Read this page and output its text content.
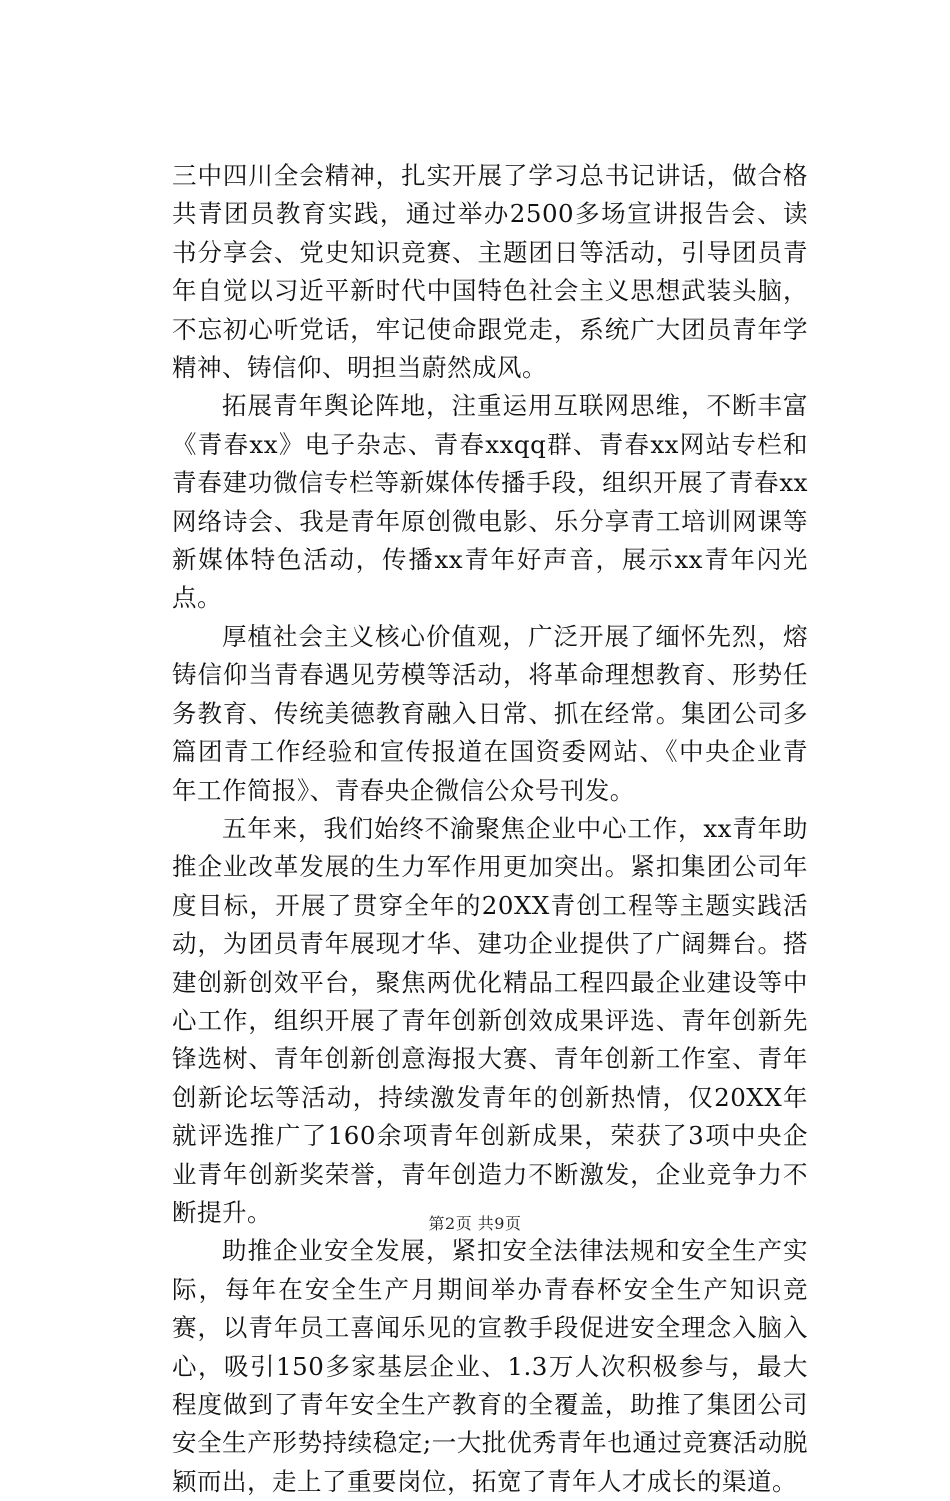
三中四川全会精神，扎实开展了学习总书记讲话，做合格共青团员教育实践，通过举办2500多场宣讲报告会、读书分享会、党史知识竞赛、主题团日等活动，引导团员青年自觉以习近平新时代中国特色社会主义思想武装头脑，不忘初心听党话，牢记使命跟党走，系统广大团员青年学精神、铸信仰、明担当蔚然成风。

拓展青年舆论阵地，注重运用互联网思维，不断丰富《青春xx》电子杂志、青春xxqq群、青春xx网站专栏和青春建功微信专栏等新媒体传播手段，组织开展了青春xx网络诗会、我是青年原创微电影、乐分享青工培训网课等新媒体特色活动，传播xx青年好声音，展示xx青年闪光点。

厚植社会主义核心价值观，广泛开展了缅怀先烈，熔铸信仰当青春遇见劳模等活动，将革命理想教育、形势任务教育、传统美德教育融入日常、抓在经常。集团公司多篇团青工作经验和宣传报道在国资委网站、《中央企业青年工作简报》、青春央企微信公众号刊发。

五年来，我们始终不渝聚焦企业中心工作，xx青年助推企业改革发展的生力军作用更加突出。紧扣集团公司年度目标，开展了贯穿全年的20XX青创工程等主题实践活动，为团员青年展现才华、建功企业提供了广阔舞台。搭建创新创效平台，聚焦两优化精品工程四最企业建设等中心工作，组织开展了青年创新创效成果评选、青年创新先锋选树、青年创新创意海报大赛、青年创新工作室、青年创新论坛等活动，持续激发青年的创新热情，仅20XX年就评选推广了160余项青年创新成果，荣获了3项中央企业青年创新奖荣誉，青年创造力不断激发，企业竞争力不断提升。

助推企业安全发展，紧扣安全法律法规和安全生产实际，每年在安全生产月期间举办青春杯安全生产知识竞赛，以青年员工喜闻乐见的宣教手段促进安全理念入脑入心，吸引150多家基层企业、1.3万人次积极参与，最大程度做到了青年安全生产教育的全覆盖，助推了集团公司安全生产形势持续稳定;一大批优秀青年也通过竞赛活动脱颖而出，走上了重要岗位，拓宽了青年人才成长的渠道。

第2页 共9页
